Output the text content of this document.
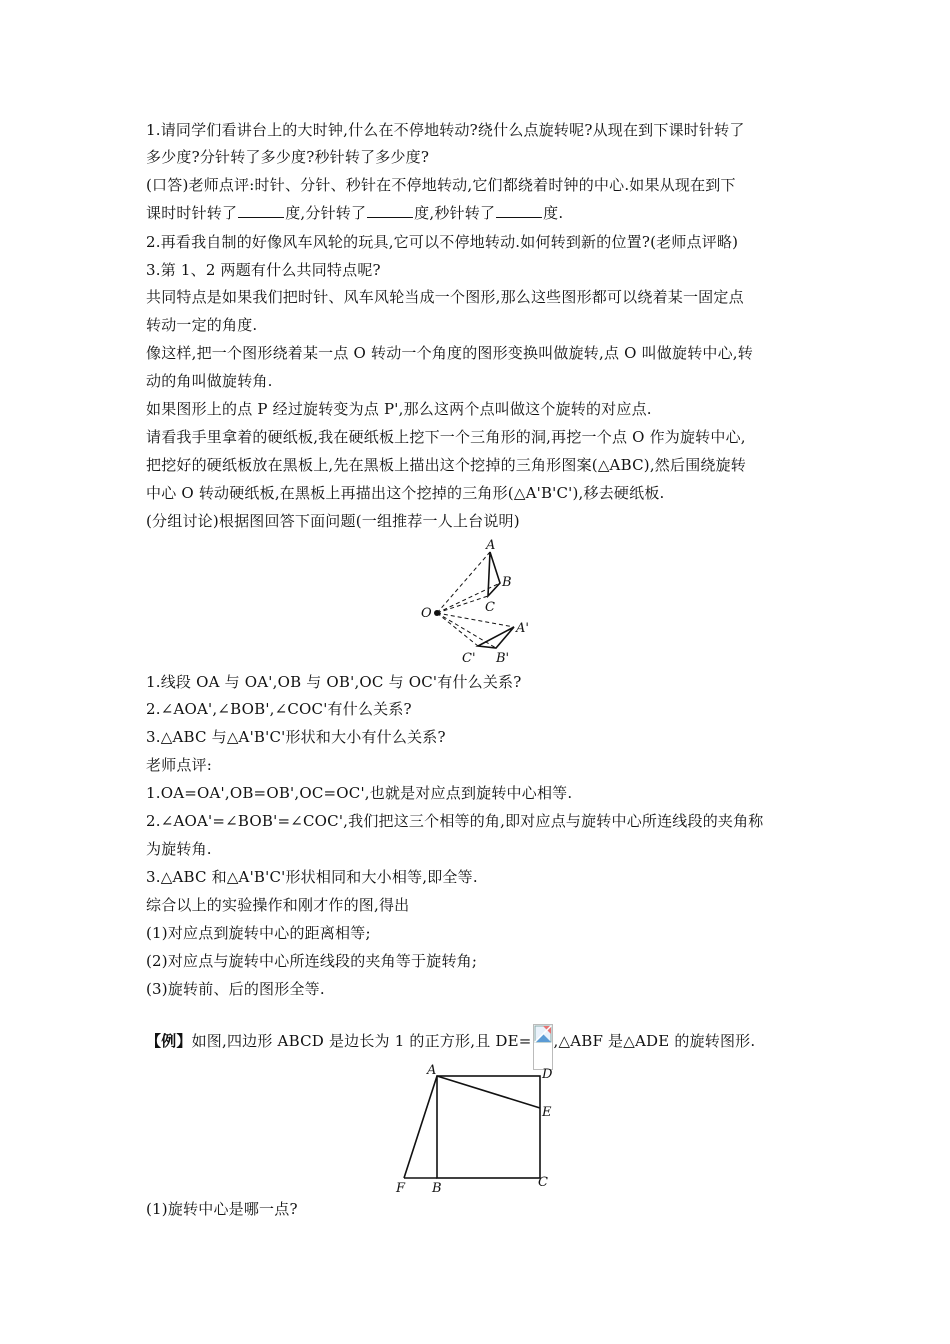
1.请同学们看讲台上的大时钟,什么在不停地转动?绕什么点旋转呢?从现在到下课时针转了
多少度?分针转了多少度?秒针转了多少度?
(口答)老师点评:时针、分针、秒针在不停地转动,它们都绕着时钟的中心.如果从现在到下
课时时针转了	度,分针转了	度,秒针转了	度.
2.再看我自制的好像风车风轮的玩具,它可以不停地转动.如何转到新的位置?(老师点评略)
3.第 1、2 两题有什么共同特点呢?
共同特点是如果我们把时针、风车风轮当成一个图形,那么这些图形都可以绕着某一固定点
转动一定的角度.
像这样,把一个图形绕着某一点 O 转动一个角度的图形变换叫做旋转,点 O 叫做旋转中心,转
动的角叫做旋转角.
如果图形上的点 P 经过旋转变为点 P',那么这两个点叫做这个旋转的对应点.
请看我手里拿着的硬纸板,我在硬纸板上挖下一个三角形的洞,再挖一个点 O 作为旋转中心,
把挖好的硬纸板放在黑板上,先在黑板上描出这个挖掉的三角形图案(△ABC),然后围绕旋转
中心 O 转动硬纸板,在黑板上再描出这个挖掉的三角形(△A'B'C'),移去硬纸板.
(分组讨论)根据图回答下面问题(一组推荐一人上台说明)
A
B
C
O
A'
B'
C'
1.线段 OA 与 OA',OB 与 OB',OC 与 OC'有什么关系?
2.∠AOA',∠BOB',∠COC'有什么关系?
3.△ABC 与△A'B'C'形状和大小有什么关系?
老师点评:
1.OA=OA',OB=OB',OC=OC',也就是对应点到旋转中心相等.
2.∠AOA'=∠BOB'=∠COC',我们把这三个相等的角,即对应点与旋转中心所连线段的夹角称
为旋转角.
3.△ABC 和△A'B'C'形状相同和大小相等,即全等.
综合以上的实验操作和刚才作的图,得出
(1)对应点到旋转中心的距离相等;
(2)对应点与旋转中心所连线段的夹角等于旋转角;
(3)旋转前、后的图形全等.
【例】如图,四边形 ABCD 是边长为 1 的正方形,且 DE= ,△ABF 是△ADE 的旋转图形.
A	D
E
C
B
F
(1)旋转中心是哪一点?
